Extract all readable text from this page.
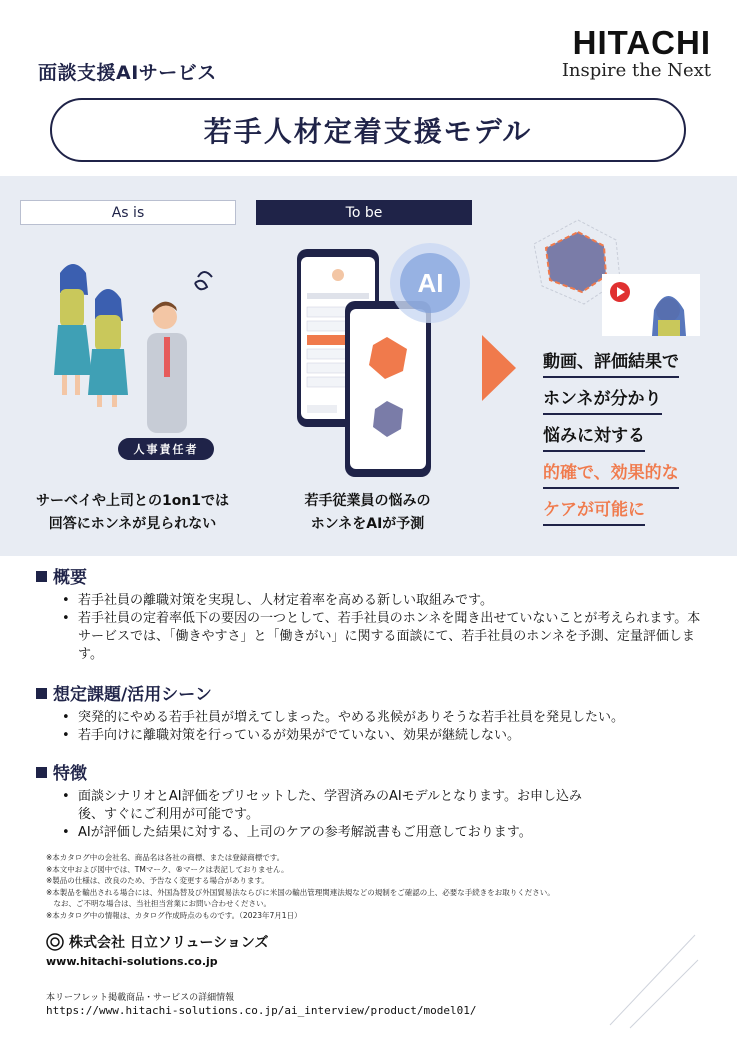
面談支援AIサービス
HITACHI
Inspire the Next
若手人材定着支援モデル
As is	To be
人事責任者
サーベイや上司との1on1では
回答にホンネが見られない
AI
若手従業員の悩みの
ホンネをAIが予測
動画、評価結果で ホンネが分かり 悩みに対する 的確で、効果的な ケアが可能に
概要
• 若手社員の離職対策を実現し、人材定着率を高める新しい取組みです。
• 若手社員の定着率低下の要因の一つとして、若手社員のホンネを聞き出せていないことが考えられます。本サービスでは、「働きやすさ」と「働きがい」に関する面談にて、若手社員のホンネを予測、定量評価します。
想定課題/活用シーン
• 突発的にやめる若手社員が増えてしまった。やめる兆候がありそうな若手社員を発見したい。
• 若手向けに離職対策を行っているが効果がでていない、効果が継続しない。
特徴
• 面談シナリオとAI評価をプリセットした、学習済みのAIモデルとなります。お申し込み後、すぐにご利用が可能です。
• AIが評価した結果に対する、上司のケアの参考解説書もご用意しております。
※本カタログ中の会社名、商品名は各社の商標、または登録商標です。
※本文中および図中では、TMマーク、®マークは表記しておりません。
※製品の仕様は、改良のため、予告なく変更する場合があります。
※本製品を輸出される場合には、外国為替及び外国貿易法ならびに米国の輸出管理関連法規などの規制をご確認の上、必要な手続きをお取りください。
　なお、ご不明な場合は、当社担当営業にお問い合わせください。
※本カタログ中の情報は、カタログ作成時点のものです。（2023年7月1日）
株式会社 日立ソリューションズ
www.hitachi-solutions.co.jp
本リーフレット掲載商品・サービスの詳細情報
https://www.hitachi-solutions.co.jp/ai_interview/product/model01/
